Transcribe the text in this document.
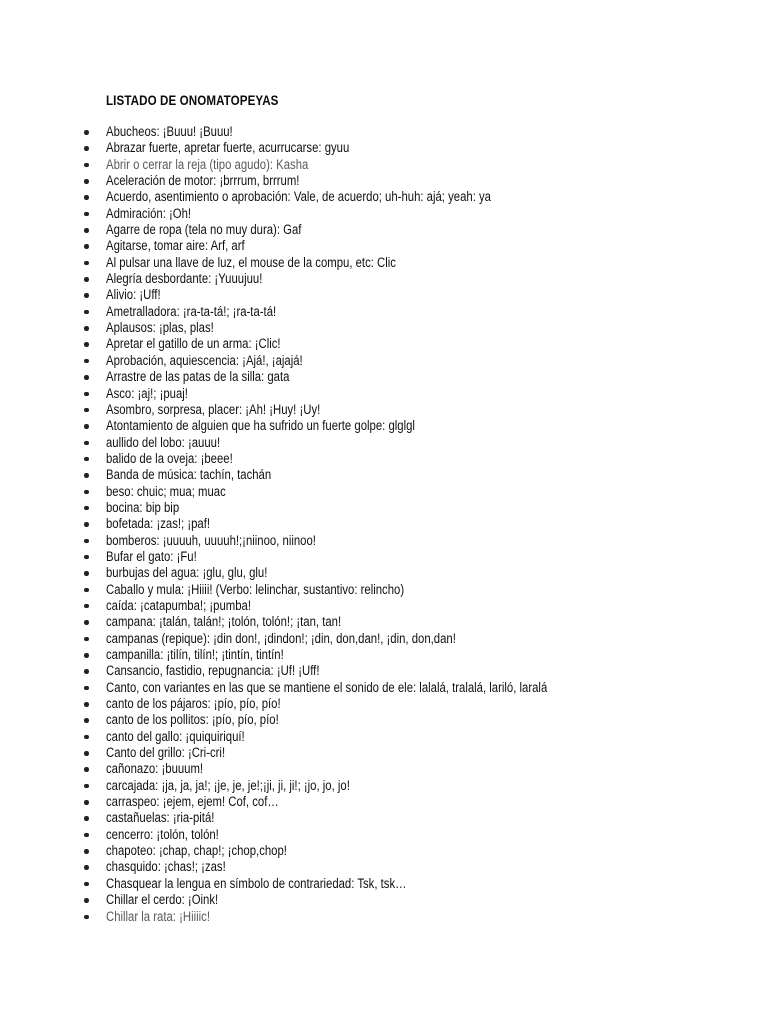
LISTADO DE ONOMATOPEYAS
Abucheos: ¡Buuu! ¡Buuu!
Abrazar fuerte, apretar fuerte, acurrucarse: gyuu
Abrir o cerrar la reja (tipo agudo): Kasha
Aceleración de motor: ¡brrrum, brrrum!
Acuerdo, asentimiento o aprobación: Vale, de acuerdo; uh-huh: ajá; yeah: ya
Admiración: ¡Oh!
Agarre de ropa (tela no muy dura): Gaf
Agitarse, tomar aire: Arf, arf
Al pulsar una llave de luz, el mouse de la compu, etc: Clic
Alegría desbordante: ¡Yuuujuu!
Alivio: ¡Uff!
Ametralladora: ¡ra-ta-tá!; ¡ra-ta-tá!
Aplausos: ¡plas, plas!
Apretar el gatillo de un arma: ¡Clic!
Aprobación, aquiescencia: ¡Ajá!, ¡ajajá!
Arrastre de las patas de la silla: gata
Asco: ¡aj!; ¡puaj!
Asombro, sorpresa, placer: ¡Ah! ¡Huy! ¡Uy!
Atontamiento de alguien que ha sufrido un fuerte golpe: glglgl
aullido del lobo: ¡auuu!
balido de la oveja: ¡beee!
Banda de música: tachín, tachán
beso: chuic; mua; muac
bocina: bip bip
bofetada: ¡zas!; ¡paf!
bomberos: ¡uuuuh, uuuuh!;¡niinoo, niinoo!
Bufar el gato: ¡Fu!
burbujas del agua: ¡glu, glu, glu!
Caballo y mula: ¡Hiiii! (Verbo: lelinchar, sustantivo: relincho)
caída: ¡catapumba!; ¡pumba!
campana: ¡talán, talán!; ¡tolón, tolón!; ¡tan, tan!
campanas (repique): ¡din don!, ¡dindon!; ¡din, don,dan!, ¡din, don,dan!
campanilla: ¡tilín, tilín!; ¡tintín, tintín!
Cansancio, fastidio, repugnancia: ¡Uf! ¡Uff!
Canto, con variantes en las que se mantiene el sonido de ele: lalalá, tralalá, lariló, laralá
canto de los pájaros: ¡pío, pío, pío!
canto de los pollitos: ¡pío, pío, pío!
canto del gallo: ¡quiquiriquí!
Canto del grillo: ¡Cri-cri!
cañonazo: ¡buuum!
carcajada: ¡ja, ja, ja!; ¡je, je, je!;¡ji, ji, ji!; ¡jo, jo, jo!
carraspeo: ¡ejem, ejem! Cof, cof…
castañuelas: ¡ria-pitá!
cencerro: ¡tolón, tolón!
chapoteo: ¡chap, chap!; ¡chop,chop!
chasquido: ¡chas!; ¡zas!
Chasquear la lengua en símbolo de contrariedad: Tsk, tsk…
Chillar el cerdo: ¡Oink!
Chillar la rata: ¡Hiiiic!
